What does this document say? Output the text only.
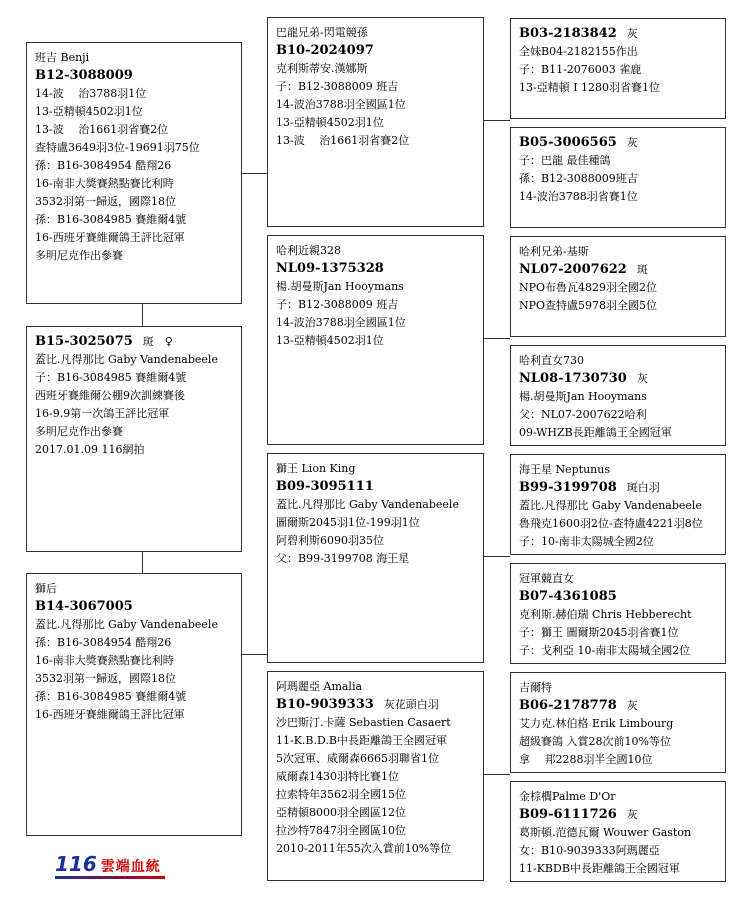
班吉 Benji
B12-3088009
14-波　 治3788羽1位
13-亞精頓4502羽1位
13-波　 治1661羽省賽2位
查特盧3649羽3位-19691羽75位
孫：B16-3084954 酷翔26
16-南非大獎賽熱點賽比利時
3532羽第一歸返，國際18位
孫：B16-3084985 賽維爾4號
16-西班牙賽維爾鴿王評比冠軍
多明尼克作出參賽
B15-3025075 斑　♀
蓋比.凡得那比 Gaby Vandenabeele
子：B16-3084985 賽維爾4號
西班牙賽維爾公棚9次訓練賽後
16-9.9第一次鴿王評比冠軍
多明尼克作出參賽
2017.01.09 116網拍
獅后
B14-3067005
蓋比.凡得那比 Gaby Vandenabeele
孫：B16-3084954 酷翔26
16-南非大獎賽熱點賽比利時
3532羽第一歸返，國際18位
孫：B16-3084985 賽維爾4號
16-西班牙賽維爾鴿王評比冠軍
巴龍兄弟-閃電競孫
B10-2024097
克利斯蒂安.漢娜斯
子：B12-3088009 班吉
14-波治3788羽全國區1位
13-亞精頓4502羽1位
13-波　 治1661羽省賽2位
哈利近親328
NL09-1375328
楊.胡曼斯Jan Hooymans
子：B12-3088009 班吉
14-波治3788羽全國區1位
13-亞精頓4502羽1位
獅王 Lion King
B09-3095111
蓋比.凡得那比 Gaby Vandenabeele
圖爾斯2045羽1位-199羽1位
阿碧利斯6090羽35位
父：B99-3199708 海王星
阿瑪麗亞 Amalia
B10-9039333 灰花頭白羽
沙巴斯汀.卡薩 Sebastien Casaert
11-K.B.D.B中長距離鴿王全國冠軍
5次冠軍、威爾森6665羽聯省1位
威爾森1430羽特比賽1位
拉索特年3562羽全國15位
亞精頓8000羽全國區12位
拉沙特7847羽全國區10位
2010-2011年55次入賞前10%等位
B03-2183842 灰
全妹B04-2182155作出
子：B11-2076003 雀鹿
13-亞精頓 I 1280羽省賽1位
B05-3006565 灰
子：巴龍 最佳種鴿
孫：B12-3088009班吉
14-波治3788羽省賽1位
哈利兄弟-基斯
NL07-2007622 斑
NPO布魯瓦4829羽全國2位
NPO查特盧5978羽全國5位
哈利直女730
NL08-1730730 灰
楊.胡曼斯Jan Hooymans
父：NL07-2007622哈利
09-WHZB長距離鴿王全國冠軍
海王星 Neptunus
B99-3199708 斑白羽
蓋比.凡得那比 Gaby Vandenabeele
魯飛克1600羽2位-查特盧4221羽8位
子：10-南非太陽城全國2位
冠軍競直女
B07-4361085
克利斯.赫伯瑞 Chris Hebberecht
子：獅王 圖爾斯2045羽省賽1位
子：戈利亞 10-南非太陽城全國2位
吉爾特
B06-2178778 灰
艾力克.林伯格 Erik Limbourg
超級賽鴿 入賞28次前10%等位
拿　 邦2288羽半全國10位
金棕櫚Palme D'Or
B09-6111726 灰
葛斯頓.范德瓦爾 Wouwer Gaston
女：B10-9039333阿瑪麗亞
11-KBDB中長距離鴿王全國冠軍
116 雲端血統
